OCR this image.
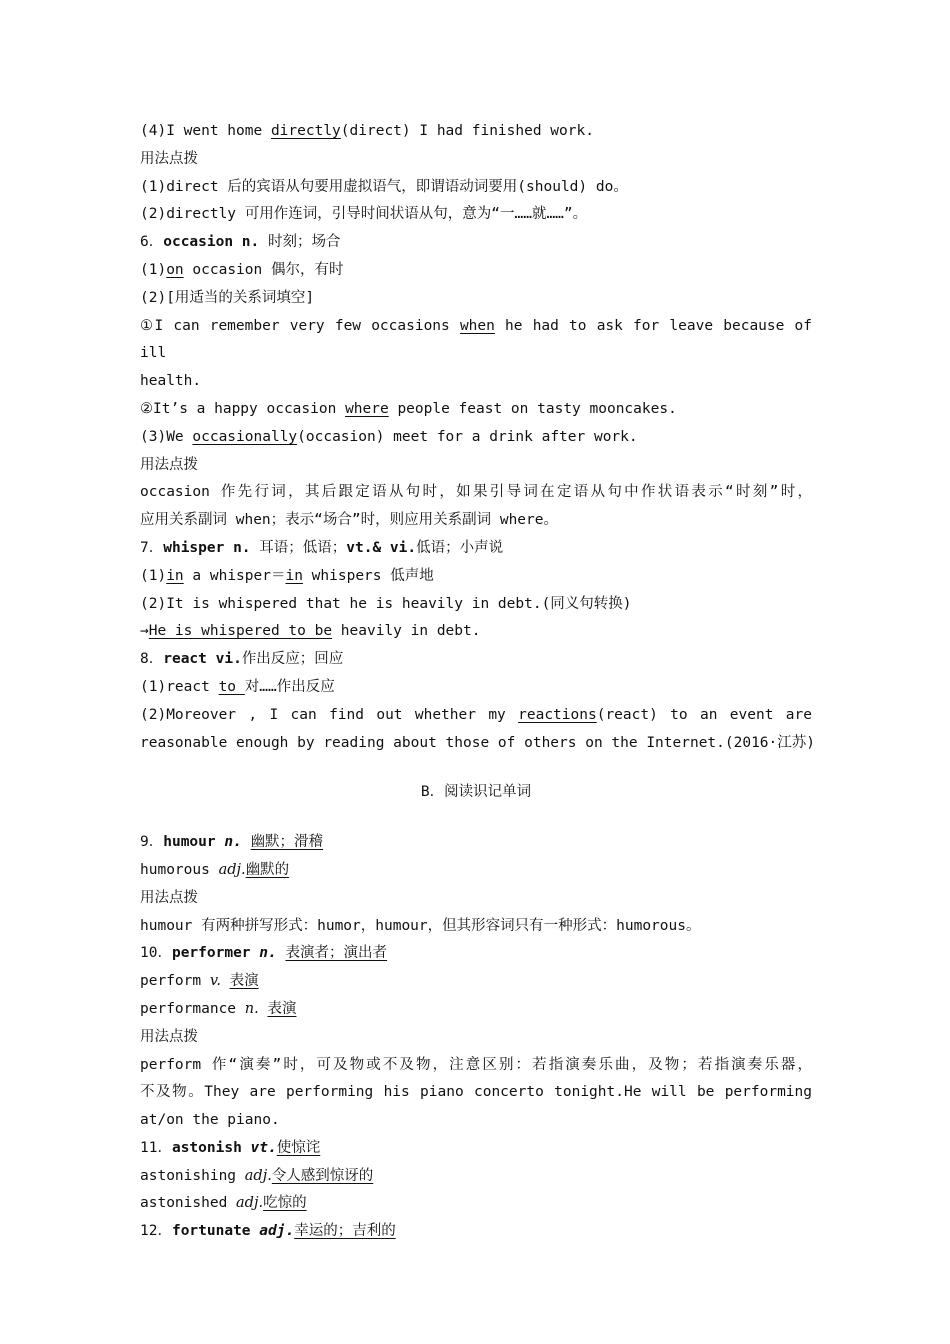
(4)I went home directly(direct) I had finished work.

用法点拨

(1)direct 后的宾语从句要用虚拟语气，即谓语动词要用(should) do。

(2)directly 可用作连词，引导时间状语从句，意为“一……就……”。

6．occasion n. 时刻；场合

(1)on occasion 偶尔，有时

(2)[用适当的关系词填空]

①I can remember very few occasions when he had to ask for leave because of ill

health.

②It’s a happy occasion where people feast on tasty mooncakes.

(3)We occasionally(occasion) meet for a drink after work.

用法点拨

occasion 作先行词，其后跟定语从句时，如果引导词在定语从句中作状语表示“时刻”时，

应用关系副词 when；表示“场合”时，则应用关系副词 where。

7．whisper n. 耳语；低语；vt.& vi.低语；小声说

(1)in a whisper＝in whispers 低声地

(2)It is whispered that he is heavily in debt.(同义句转换)

→He is whispered to be heavily in debt.

8．react vi.作出反应；回应

(1)react to 对……作出反应

(2)Moreover , I can find out whether my reactions(react) to an event are

reasonable enough by reading about those of others on the Internet.(2016·江苏)

B．阅读识记单词

9．humour n. 幽默；滑稽

humorous adj.幽默的

用法点拨

humour 有两种拼写形式：humor，humour，但其形容词只有一种形式：humorous。

10．performer n. 表演者；演出者

perform v. 表演

performance n. 表演

用法点拨

perform 作“演奏”时，可及物或不及物，注意区别：若指演奏乐曲，及物；若指演奏乐器，

不及物。They are performing his piano concerto tonight.He will be performing

at/on the piano.

11．astonish vt.使惊诧

astonishing adj.令人感到惊讶的

astonished adj.吃惊的

12．fortunate adj.幸运的；吉利的
